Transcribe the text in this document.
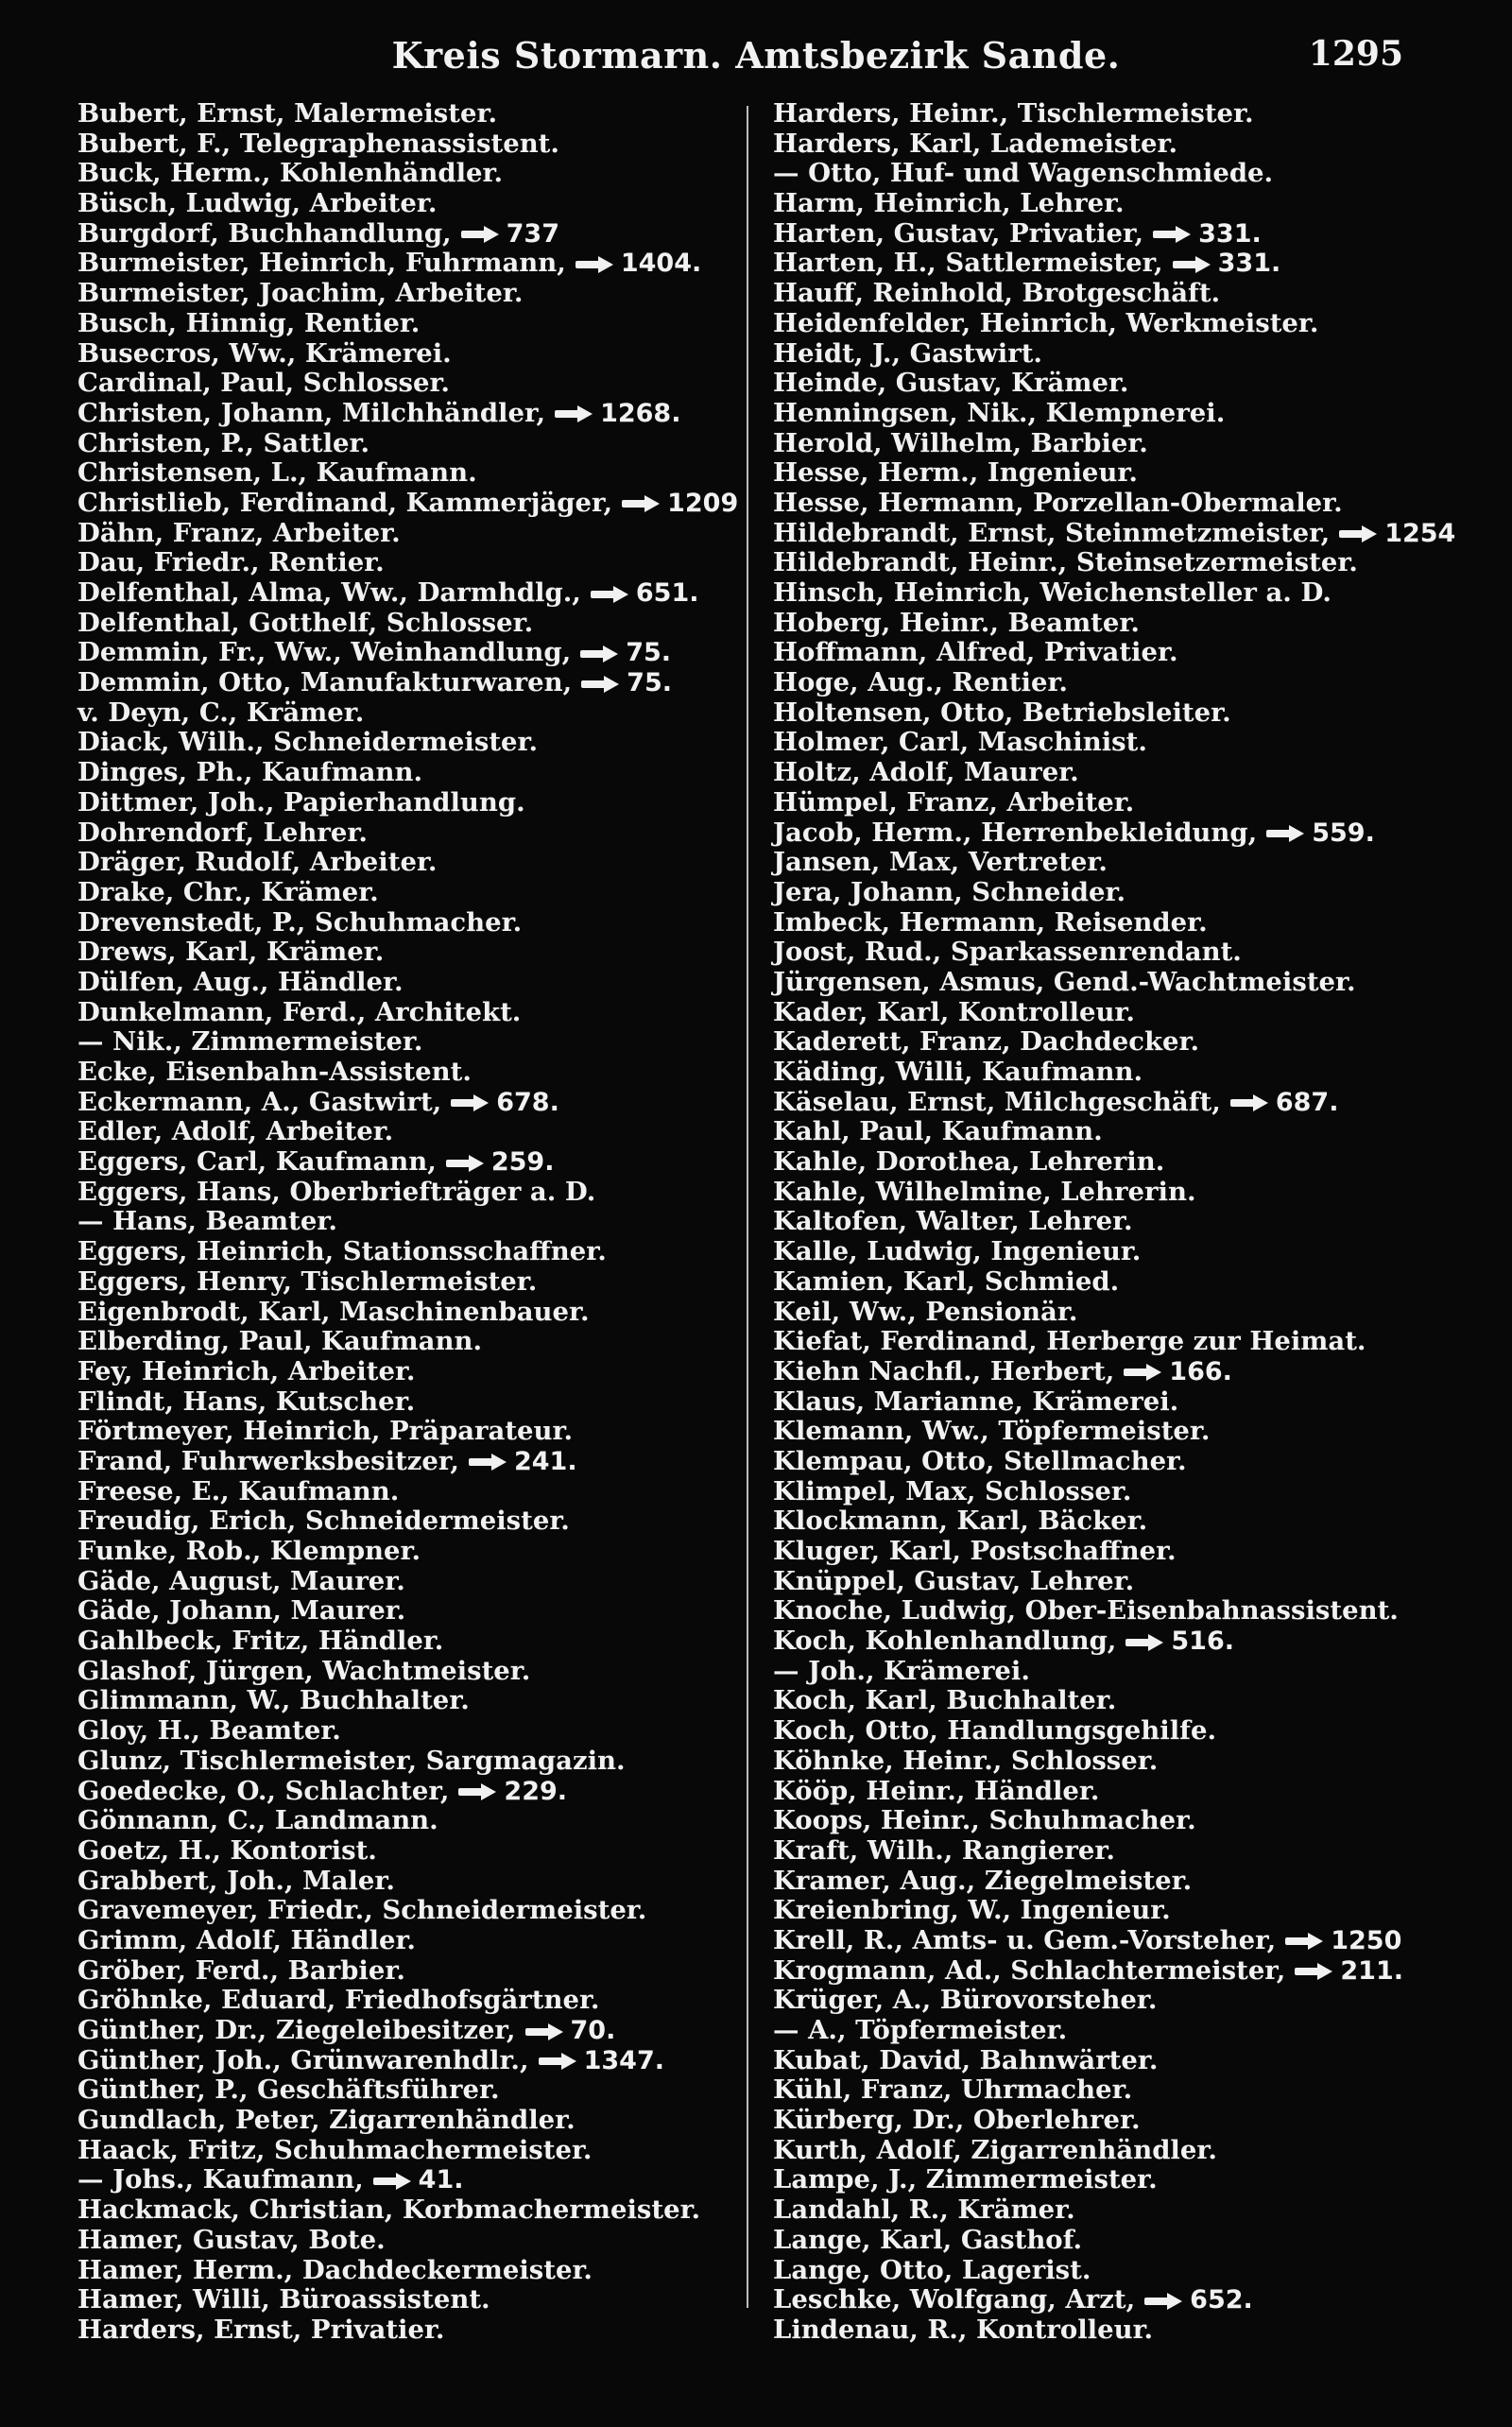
Kreis Stormarn. Amtsbezirk Sande.	1295
Bubert, Ernst, Malermeister.
Bubert, F., Telegraphenassistent.
Buck, Herm., Kohlenhändler.
Büsch, Ludwig, Arbeiter.
Burgdorf, Buchhandlung, 737
Burmeister, Heinrich, Fuhrmann, 1404.
Burmeister, Joachim, Arbeiter.
Busch, Hinnig, Rentier.
Busecros, Ww., Krämerei.
Cardinal, Paul, Schlosser.
Christen, Johann, Milchhändler, 1268.
Christen, P., Sattler.
Christensen, L., Kaufmann.
Christlieb, Ferdinand, Kammerjäger, 1209
Dähn, Franz, Arbeiter.
Dau, Friedr., Rentier.
Delfenthal, Alma, Ww., Darmhdlg., 651.
Delfenthal, Gotthelf, Schlosser.
Demmin, Fr., Ww., Weinhandlung, 75.
Demmin, Otto, Manufakturwaren, 75.
v. Deyn, C., Krämer.
Diack, Wilh., Schneidermeister.
Dinges, Ph., Kaufmann.
Dittmer, Joh., Papierhandlung.
Dohrendorf, Lehrer.
Dräger, Rudolf, Arbeiter.
Drake, Chr., Krämer.
Drevenstedt, P., Schuhmacher.
Drews, Karl, Krämer.
Dülfen, Aug., Händler.
Dunkelmann, Ferd., Architekt.
— Nik., Zimmermeister.
Ecke, Eisenbahn-Assistent.
Eckermann, A., Gastwirt, 678.
Edler, Adolf, Arbeiter.
Eggers, Carl, Kaufmann, 259.
Eggers, Hans, Oberbriefträger a. D.
— Hans, Beamter.
Eggers, Heinrich, Stationsschaffner.
Eggers, Henry, Tischlermeister.
Eigenbrodt, Karl, Maschinenbauer.
Elberding, Paul, Kaufmann.
Fey, Heinrich, Arbeiter.
Flindt, Hans, Kutscher.
Förtmeyer, Heinrich, Präparateur.
Frand, Fuhrwerksbesitzer, 241.
Freese, E., Kaufmann.
Freudig, Erich, Schneidermeister.
Funke, Rob., Klempner.
Gäde, August, Maurer.
Gäde, Johann, Maurer.
Gahlbeck, Fritz, Händler.
Glashof, Jürgen, Wachtmeister.
Glimmann, W., Buchhalter.
Gloy, H., Beamter.
Glunz, Tischlermeister, Sargmagazin.
Goedecke, O., Schlachter, 229.
Gönnann, C., Landmann.
Goetz, H., Kontorist.
Grabbert, Joh., Maler.
Gravemeyer, Friedr., Schneidermeister.
Grimm, Adolf, Händler.
Gröber, Ferd., Barbier.
Gröhnke, Eduard, Friedhofsgärtner.
Günther, Dr., Ziegeleibesitzer, 70.
Günther, Joh., Grünwarenhdlr., 1347.
Günther, P., Geschäftsführer.
Gundlach, Peter, Zigarrenhändler.
Haack, Fritz, Schuhmachermeister.
— Johs., Kaufmann, 41.
Hackmack, Christian, Korbmachermeister.
Hamer, Gustav, Bote.
Hamer, Herm., Dachdeckermeister.
Hamer, Willi, Büroassistent.
Harders, Ernst, Privatier.
Harders, Heinr., Tischlermeister.
Harders, Karl, Lademeister.
— Otto, Huf- und Wagenschmiede.
Harm, Heinrich, Lehrer.
Harten, Gustav, Privatier, 331.
Harten, H., Sattlermeister, 331.
Hauff, Reinhold, Brotgeschäft.
Heidenfelder, Heinrich, Werkmeister.
Heidt, J., Gastwirt.
Heinde, Gustav, Krämer.
Henningsen, Nik., Klempnerei.
Herold, Wilhelm, Barbier.
Hesse, Herm., Ingenieur.
Hesse, Hermann, Porzellan-Obermaler.
Hildebrandt, Ernst, Steinmetzmeister, 1254
Hildebrandt, Heinr., Steinsetzermeister.
Hinsch, Heinrich, Weichensteller a. D.
Hoberg, Heinr., Beamter.
Hoffmann, Alfred, Privatier.
Hoge, Aug., Rentier.
Holtensen, Otto, Betriebsleiter.
Holmer, Carl, Maschinist.
Holtz, Adolf, Maurer.
Hümpel, Franz, Arbeiter.
Jacob, Herm., Herrenbekleidung, 559.
Jansen, Max, Vertreter.
Jera, Johann, Schneider.
Imbeck, Hermann, Reisender.
Joost, Rud., Sparkassenrendant.
Jürgensen, Asmus, Gend.-Wachtmeister.
Kader, Karl, Kontrolleur.
Kaderett, Franz, Dachdecker.
Käding, Willi, Kaufmann.
Käselau, Ernst, Milchgeschäft, 687.
Kahl, Paul, Kaufmann.
Kahle, Dorothea, Lehrerin.
Kahle, Wilhelmine, Lehrerin.
Kaltofen, Walter, Lehrer.
Kalle, Ludwig, Ingenieur.
Kamien, Karl, Schmied.
Keil, Ww., Pensionär.
Kiefat, Ferdinand, Herberge zur Heimat.
Kiehn Nachfl., Herbert, 166.
Klaus, Marianne, Krämerei.
Klemann, Ww., Töpfermeister.
Klempau, Otto, Stellmacher.
Klimpel, Max, Schlosser.
Klockmann, Karl, Bäcker.
Kluger, Karl, Postschaffner.
Knüppel, Gustav, Lehrer.
Knoche, Ludwig, Ober-Eisenbahnassistent.
Koch, Kohlenhandlung, 516.
— Joh., Krämerei.
Koch, Karl, Buchhalter.
Koch, Otto, Handlungsgehilfe.
Köhnke, Heinr., Schlosser.
Kööp, Heinr., Händler.
Koops, Heinr., Schuhmacher.
Kraft, Wilh., Rangierer.
Kramer, Aug., Ziegelmeister.
Kreienbring, W., Ingenieur.
Krell, R., Amts- u. Gem.-Vorsteher, 1250
Krogmann, Ad., Schlachtermeister, 211.
Krüger, A., Bürovorsteher.
— A., Töpfermeister.
Kubat, David, Bahnwärter.
Kühl, Franz, Uhrmacher.
Kürberg, Dr., Oberlehrer.
Kurth, Adolf, Zigarrenhändler.
Lampe, J., Zimmermeister.
Landahl, R., Krämer.
Lange, Karl, Gasthof.
Lange, Otto, Lagerist.
Leschke, Wolfgang, Arzt, 652.
Lindenau, R., Kontrolleur.
